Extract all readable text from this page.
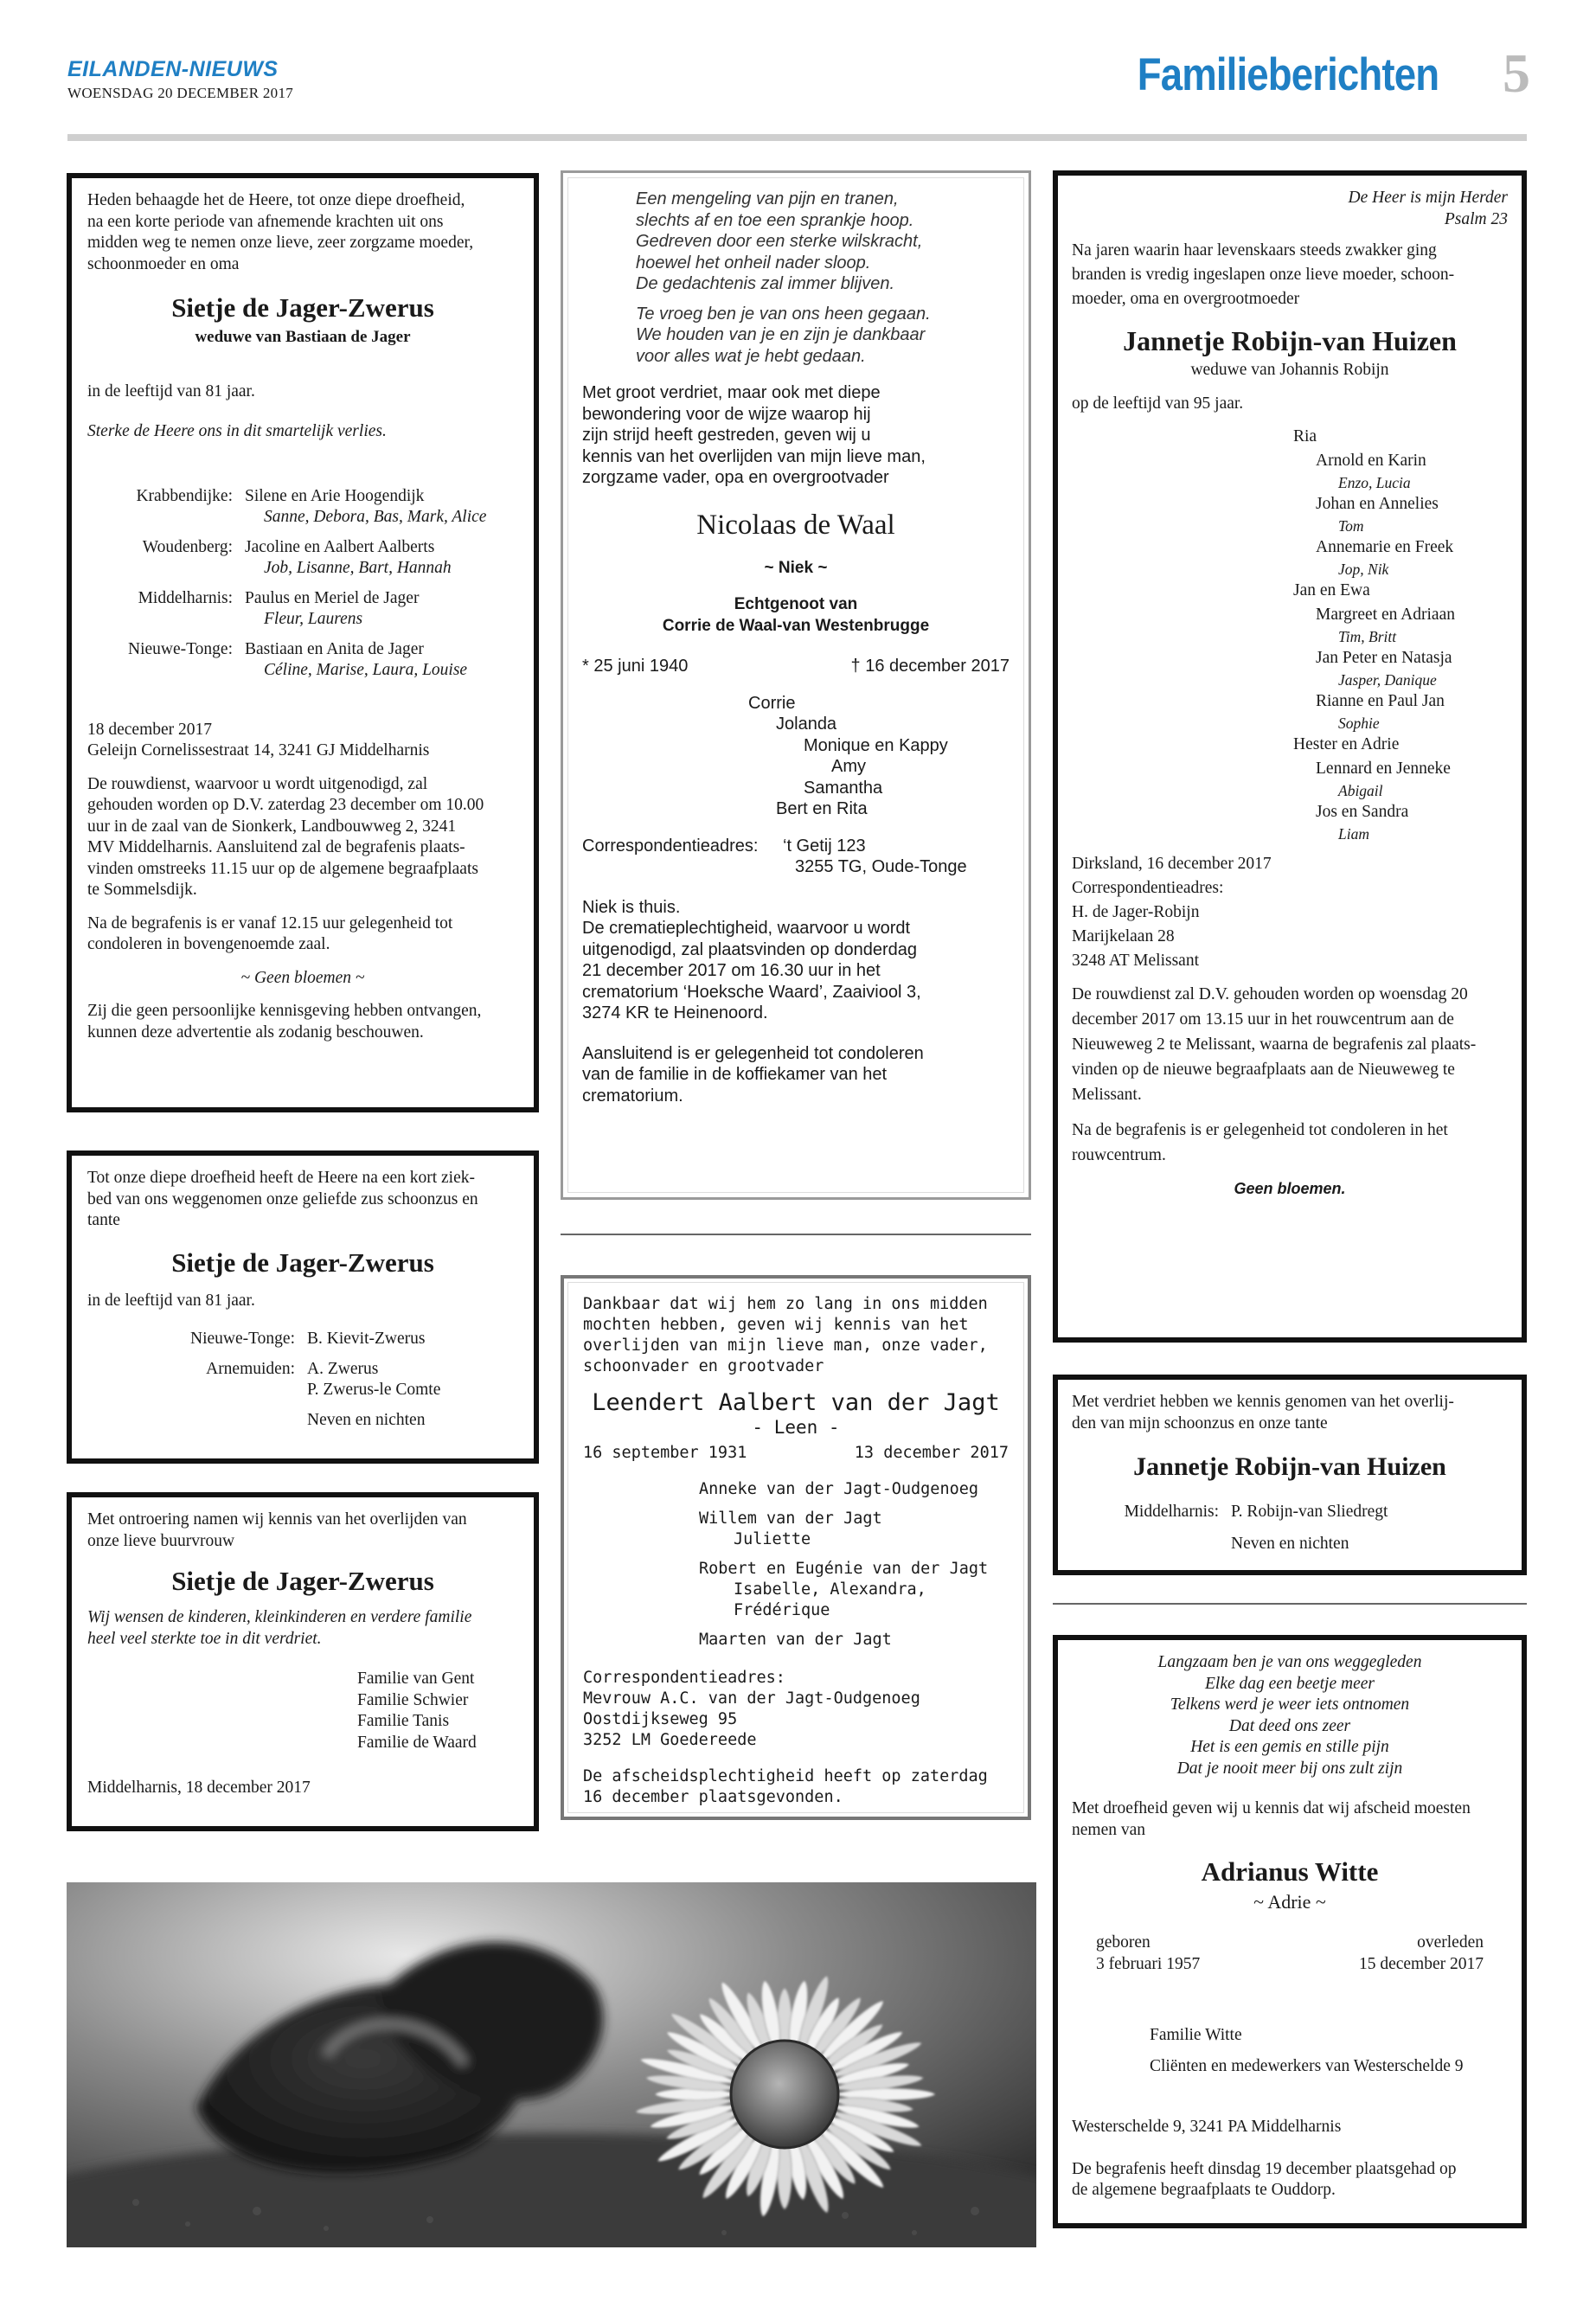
EILANDEN-NIEUWS
WOENSDAG 20 DECEMBER 2017	Familieberichten 5
Heden behaagde het de Heere, tot onze diepe droefheid,
na een korte periode van afnemende krachten uit ons
midden weg te nemen onze lieve, zeer zorgzame moeder,
schoonmoeder en oma
Sietje de Jager-Zwerus
weduwe van Bastiaan de Jager
in de leeftijd van 81 jaar.
Sterke de Heere ons in dit smartelijk verlies.
Krabbendijke: Silene en Arie Hoogendijk
Sanne, Debora, Bas, Mark, Alice
Woudenberg: Jacoline en Aalbert Aalberts
Job, Lisanne, Bart, Hannah
Middelharnis: Paulus en Meriel de Jager
Fleur, Laurens
Nieuwe-Tonge: Bastiaan en Anita de Jager
Céline, Marise, Laura, Louise
18 december 2017
Geleijn Cornelissestraat 14, 3241 GJ Middelharnis
De rouwdienst, waarvoor u wordt uitgenodigd, zal
gehouden worden op D.V. zaterdag 23 december om 10.00
uur in de zaal van de Sionkerk, Landbouwweg 2, 3241
MV Middelharnis. Aansluitend zal de begrafenis plaats-
vinden omstreeks 11.15 uur op de algemene begraafplaats
te Sommelsdijk.
Na de begrafenis is er vanaf 12.15 uur gelegenheid tot
condoleren in bovengenoemde zaal.
~ Geen bloemen ~
Zij die geen persoonlijke kennisgeving hebben ontvangen,
kunnen deze advertentie als zodanig beschouwen.
Tot onze diepe droefheid heeft de Heere na een kort ziek-
bed van ons weggenomen onze geliefde zus schoonzus en
tante
Sietje de Jager-Zwerus
in de leeftijd van 81 jaar.
Nieuwe-Tonge: B. Kievit-Zwerus
Arnemuiden: A. Zwerus
P. Zwerus-le Comte
Neven en nichten
Met ontroering namen wij kennis van het overlijden van
onze lieve buurvrouw
Sietje de Jager-Zwerus
Wij wensen de kinderen, kleinkinderen en verdere familie
heel veel sterkte toe in dit verdriet.
Familie van Gent
Familie Schwier
Familie Tanis
Familie de Waard
Middelharnis, 18 december 2017
Een mengeling van pijn en tranen,
slechts af en toe een sprankje hoop.
Gedreven door een sterke wilskracht,
hoewel het onheil nader sloop.
De gedachtenis zal immer blijven.
Te vroeg ben je van ons heen gegaan.
We houden van je en zijn je dankbaar
voor alles wat je hebt gedaan.
Met groot verdriet, maar ook met diepe
bewondering voor de wijze waarop hij
zijn strijd heeft gestreden, geven wij u
kennis van het overlijden van mijn lieve man,
zorgzame vader, opa en overgrootvader
Nicolaas de Waal
~ Niek ~
Echtgenoot van
Corrie de Waal-van Westenbrugge
* 25 juni 1940	† 16 december 2017
Corrie
Jolanda
Monique en Kappy
Amy
Samantha
Bert en Rita
Correspondentieadres:	‘t Getij 123
3255 TG, Oude-Tonge
Niek is thuis.
De crematieplechtigheid, waarvoor u wordt
uitgenodigd, zal plaatsvinden op donderdag
21 december 2017 om 16.30 uur in het
crematorium ‘Hoeksche Waard’, Zaaiviool 3,
3274 KR te Heinenoord.
Aansluitend is er gelegenheid tot condoleren
van de familie in de koffiekamer van het
crematorium.
Dankbaar dat wij hem zo lang in ons midden
mochten hebben, geven wij kennis van het
overlijden van mijn lieve man, onze vader,
schoonvader en grootvader
Leendert Aalbert van der Jagt
- Leen -
16 september 1931	13 december 2017
Anneke van der Jagt-Oudgenoeg
Willem van der Jagt
Juliette
Robert en Eugénie van der Jagt
Isabelle, Alexandra, Frédérique
Maarten van der Jagt
Correspondentieadres:
Mevrouw A.C. van der Jagt-Oudgenoeg
Oostdijkseweg 95
3252 LM Goedereede
De afscheidsplechtigheid heeft op zaterdag
16 december plaatsgevonden.
De Heer is mijn Herder
Psalm 23
Na jaren waarin haar levenskaars steeds zwakker ging
branden is vredig ingeslapen onze lieve moeder, schoon-
moeder, oma en overgrootmoeder
Jannetje Robijn-van Huizen
weduwe van Johannis Robijn
op de leeftijd van 95 jaar.
Ria
Arnold en Karin
Enzo, Lucia
Johan en Annelies
Tom
Annemarie en Freek
Jop, Nik
Jan en Ewa
Margreet en Adriaan
Tim, Britt
Jan Peter en Natasja
Jasper, Danique
Rianne en Paul Jan
Sophie
Hester en Adrie
Lennard en Jenneke
Abigail
Jos en Sandra
Liam
Dirksland, 16 december 2017
Correspondentieadres:
H. de Jager-Robijn
Marijkelaan 28
3248 AT Melissant
De rouwdienst zal D.V. gehouden worden op woensdag 20
december 2017 om 13.15 uur in het rouwcentrum aan de
Nieuweweg 2 te Melissant, waarna de begrafenis zal plaats-
vinden op de nieuwe begraafplaats aan de Nieuweweg te
Melissant.
Na de begrafenis is er gelegenheid tot condoleren in het
rouwcentrum.
Geen bloemen.
Met verdriet hebben we kennis genomen van het overlij-
den van mijn schoonzus en onze tante
Jannetje Robijn-van Huizen
Middelharnis: P. Robijn-van Sliedregt
Neven en nichten
Langzaam ben je van ons weggegleden
Elke dag een beetje meer
Telkens werd je weer iets ontnomen
Dat deed ons zeer
Het is een gemis en stille pijn
Dat je nooit meer bij ons zult zijn
Met droefheid geven wij u kennis dat wij afscheid moesten
nemen van
Adrianus Witte
~ Adrie ~
geboren
3 februari 1957
overleden
15 december 2017
Familie Witte
Cliënten en medewerkers van Westerschelde 9
Westerschelde 9, 3241 PA Middelharnis
De begrafenis heeft dinsdag 19 december plaatsgehad op
de algemene begraafplaats te Ouddorp.
